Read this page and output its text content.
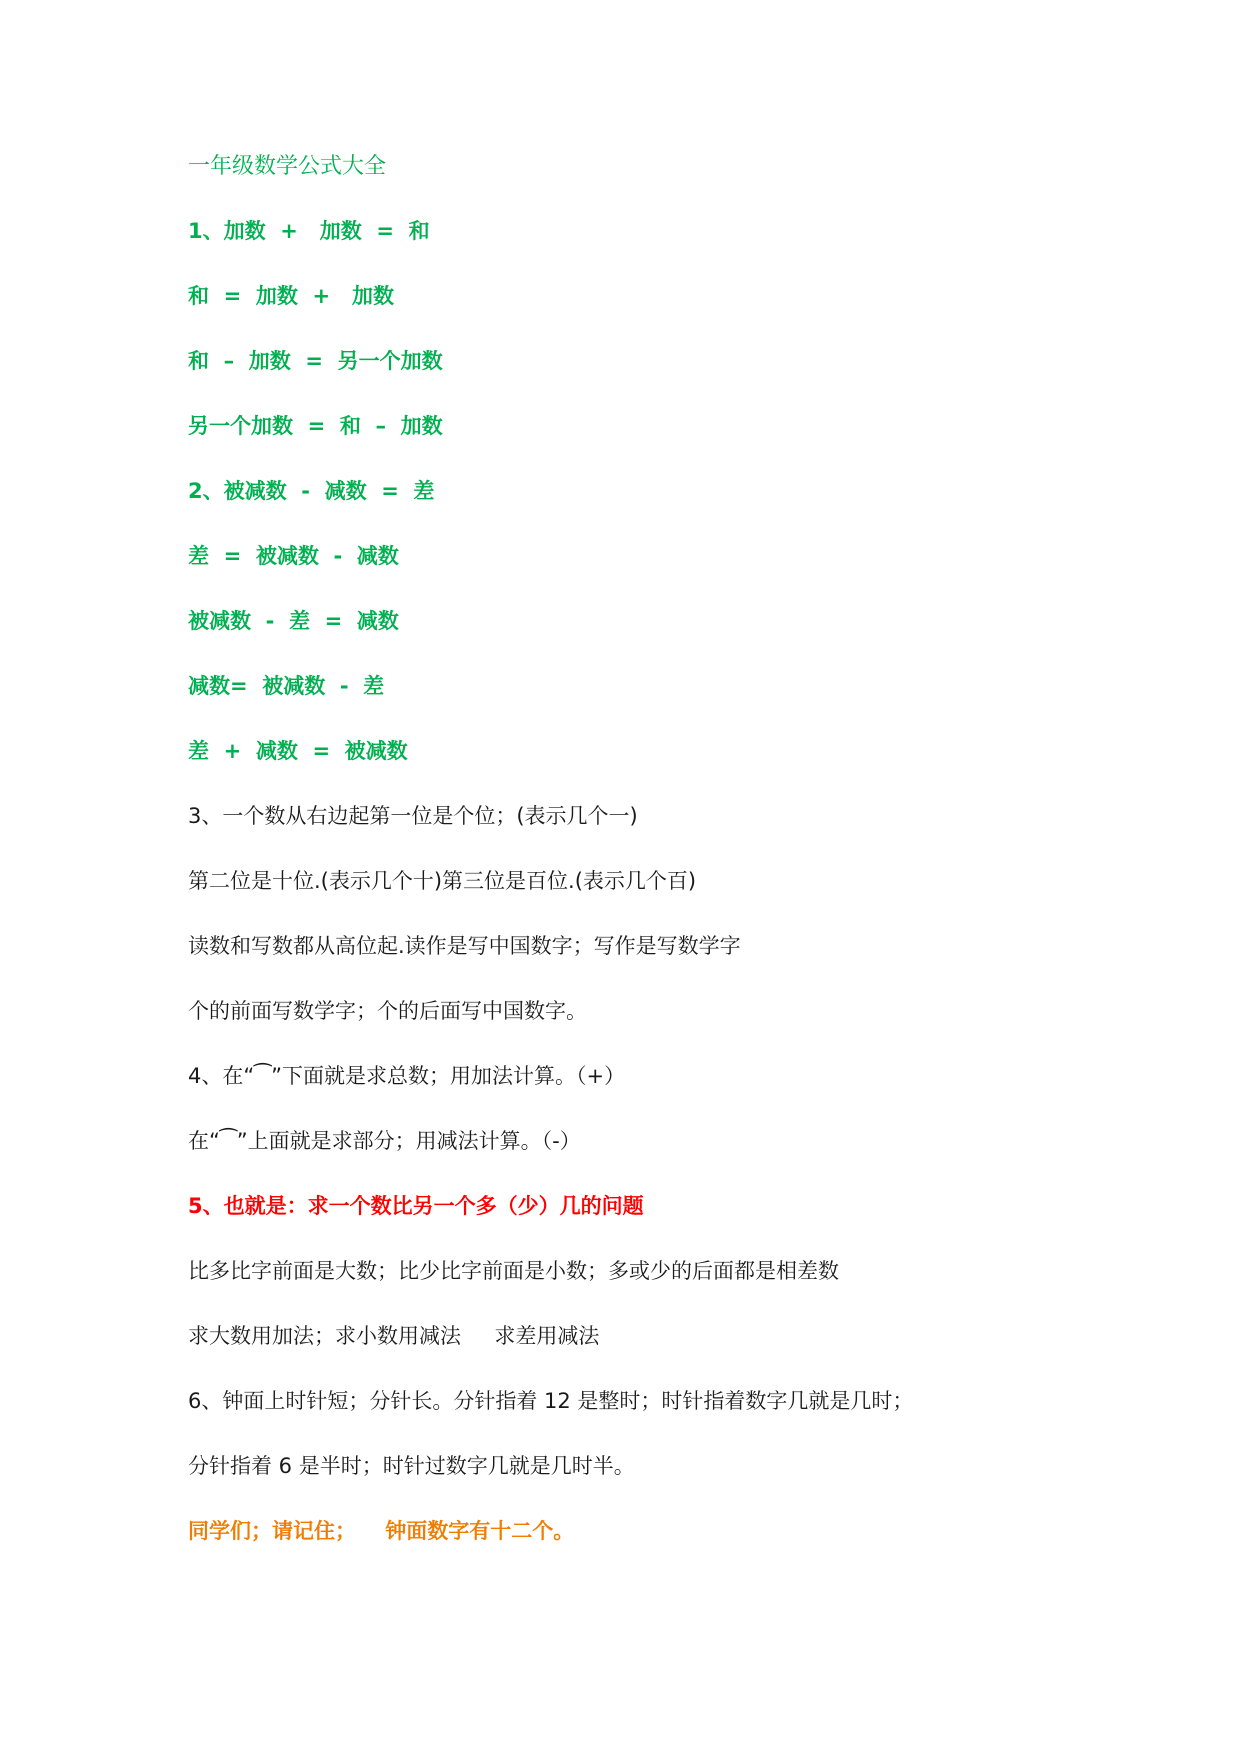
一年级数学公式大全
1、加数  +   加数  =  和
和  =  加数  +   加数
和  –  加数  =  另一个加数
另一个加数  =  和  –  加数
2、被减数  -  减数  =  差
差  =  被减数  -  减数
被减数  -  差  =  减数
减数=  被减数  -  差
差  +  减数  =  被减数
3、一个数从右边起第一位是个位；(表示几个一)
第二位是十位.(表示几个十)第三位是百位.(表示几个百)
读数和写数都从高位起.读作是写中国数字；写作是写数学字
个的前面写数学字；个的后面写中国数字。
4、在“⁀”下面就是求总数；用加法计算。（+）
在“⁀”上面就是求部分；用减法计算。（-）
5、也就是：求一个数比另一个多（少）几的问题
比多比字前面是大数；比少比字前面是小数；多或少的后面都是相差数
求大数用加法；求小数用减法     求差用减法
6、钟面上时针短；分针长。分针指着 12 是整时；时针指着数字几就是几时；
分针指着 6 是半时；时针过数字几就是几时半。
同学们；请记住；    钟面数字有十二个。
